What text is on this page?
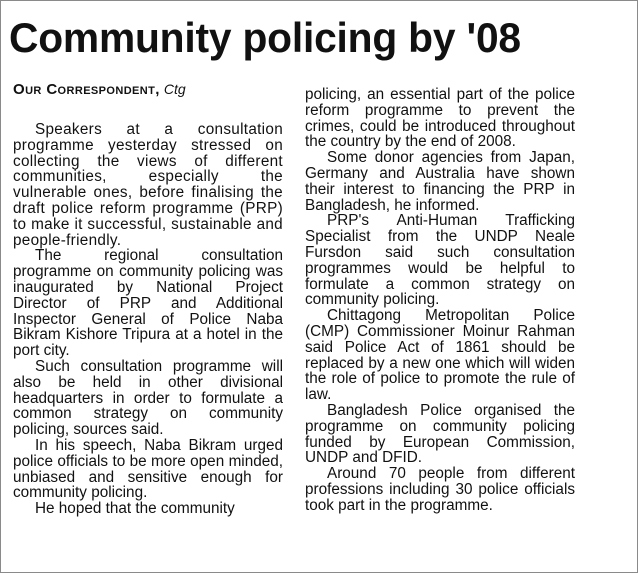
Community policing by '08
Our Correspondent, Ctg

Speakers at a consultation programme yesterday stressed on collecting the views of different communities, especially the vulnerable ones, before finalising the draft police reform programme (PRP) to make it successful, sustainable and people-friendly.

The regional consultation programme on community policing was inaugurated by National Project Director of PRP and Additional Inspector General of Police Naba Bikram Kishore Tripura at a hotel in the port city.

Such consultation programme will also be held in other divisional headquarters in order to formulate a common strategy on community policing, sources said.

In his speech, Naba Bikram urged police officials to be more open minded, unbiased and sensitive enough for community policing.

He hoped that the community

policing, an essential part of the police reform programme to prevent the crimes, could be introduced throughout the country by the end of 2008.

Some donor agencies from Japan, Germany and Australia have shown their interest to financing the PRP in Bangladesh, he informed.

PRP's Anti-Human Trafficking Specialist from the UNDP Neale Fursdon said such consultation programmes would be helpful to formulate a common strategy on community policing.

Chittagong Metropolitan Police (CMP) Commissioner Moinur Rahman said Police Act of 1861 should be replaced by a new one which will widen the role of police to promote the rule of law.

Bangladesh Police organised the programme on community policing funded by European Commission, UNDP and DFID.

Around 70 people from different professions including 30 police officials took part in the programme.
